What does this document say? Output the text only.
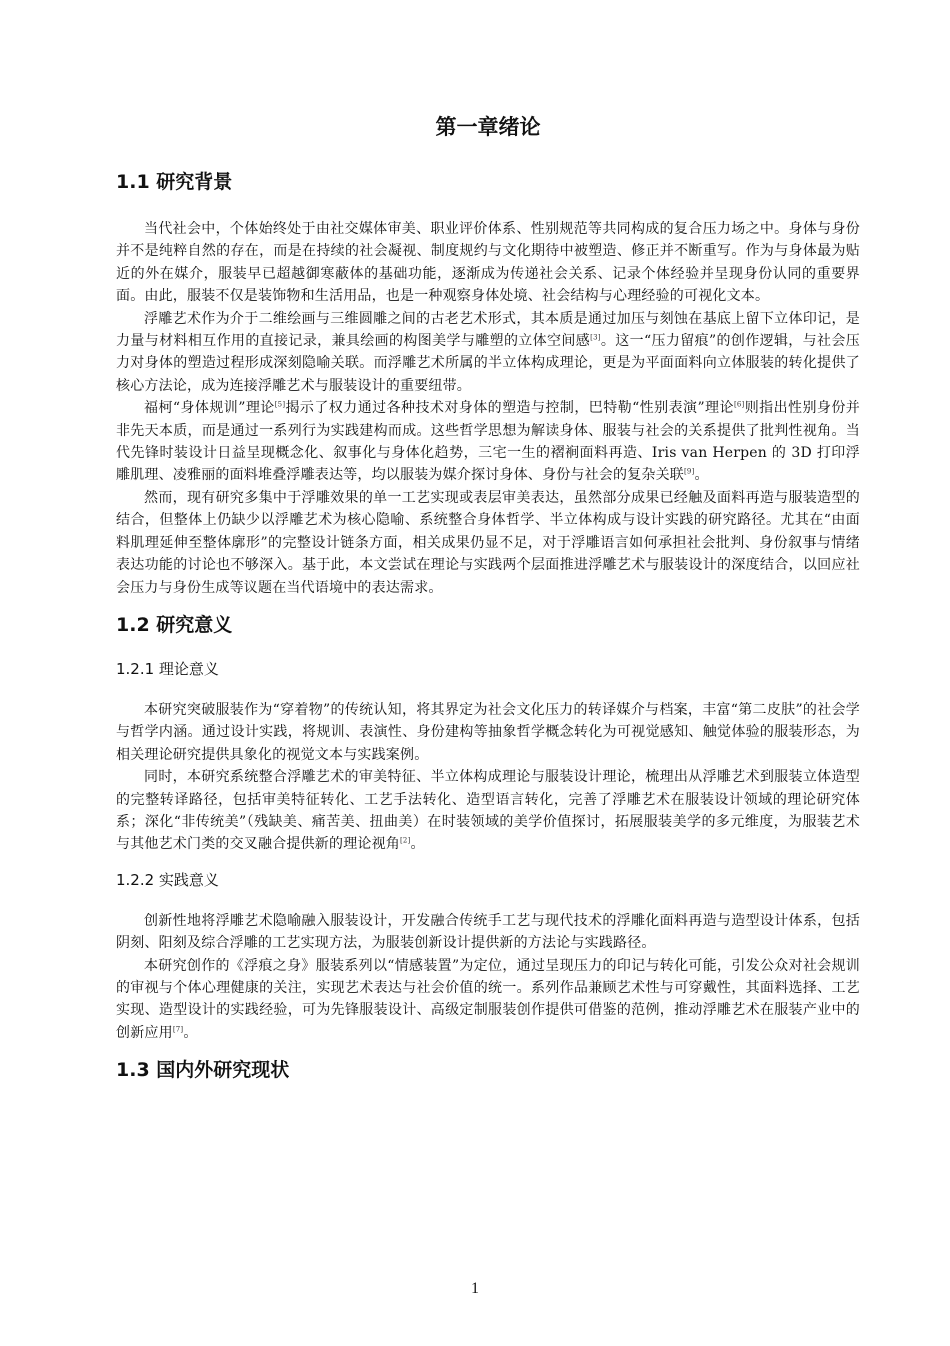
第一章绪论
1.1 研究背景

当代社会中，个体始终处于由社交媒体审美、职业评价体系、性别规范等共同构成的复合压力场之中。身体与身份并不是纯粹自然的存在，而是在持续的社会凝视、制度规约与文化期待中被塑造、修正并不断重写。作为与身体最为贴近的外在媒介，服装早已超越御寒蔽体的基础功能，逐渐成为传递社会关系、记录个体经验并呈现身份认同的重要界面。由此，服装不仅是装饰物和生活用品，也是一种观察身体处境、社会结构与心理经验的可视化文本。

浮雕艺术作为介于二维绘画与三维圆雕之间的古老艺术形式，其本质是通过加压与刻蚀在基底上留下立体印记，是力量与材料相互作用的直接记录，兼具绘画的构图美学与雕塑的立体空间感[3]。这一“压力留痕”的创作逻辑，与社会压力对身体的塑造过程形成深刻隐喻关联。而浮雕艺术所属的半立体构成理论，更是为平面面料向立体服装的转化提供了核心方法论，成为连接浮雕艺术与服装设计的重要纽带。

福柯“身体规训”理论[5]揭示了权力通过各种技术对身体的塑造与控制，巴特勒“性别表演”理论[6]则指出性别身份并非先天本质，而是通过一系列行为实践建构而成。这些哲学思想为解读身体、服装与社会的关系提供了批判性视角。当代先锋时装设计日益呈现概念化、叙事化与身体化趋势，三宅一生的褶裥面料再造、Iris van Herpen 的 3D 打印浮雕肌理、凌雅丽的面料堆叠浮雕表达等，均以服装为媒介探讨身体、身份与社会的复杂关联[9]。

然而，现有研究多集中于浮雕效果的单一工艺实现或表层审美表达，虽然部分成果已经触及面料再造与服装造型的结合，但整体上仍缺少以浮雕艺术为核心隐喻、系统整合身体哲学、半立体构成与设计实践的研究路径。尤其在“由面料肌理延伸至整体廓形”的完整设计链条方面，相关成果仍显不足，对于浮雕语言如何承担社会批判、身份叙事与情绪表达功能的讨论也不够深入。基于此，本文尝试在理论与实践两个层面推进浮雕艺术与服装设计的深度结合，以回应社会压力与身份生成等议题在当代语境中的表达需求。

1.2 研究意义
1.2.1 理论意义

本研究突破服装作为“穿着物”的传统认知，将其界定为社会文化压力的转译媒介与档案，丰富“第二皮肤”的社会学与哲学内涵。通过设计实践，将规训、表演性、身份建构等抽象哲学概念转化为可视觉感知、触觉体验的服装形态，为相关理论研究提供具象化的视觉文本与实践案例。

同时，本研究系统整合浮雕艺术的审美特征、半立体构成理论与服装设计理论，梳理出从浮雕艺术到服装立体造型的完整转译路径，包括审美特征转化、工艺手法转化、造型语言转化，完善了浮雕艺术在服装设计领域的理论研究体系；深化“非传统美”（残缺美、痛苦美、扭曲美）在时装领域的美学价值探讨，拓展服装美学的多元维度，为服装艺术与其他艺术门类的交叉融合提供新的理论视角[2]。

1.2.2 实践意义

创新性地将浮雕艺术隐喻融入服装设计，开发融合传统手工艺与现代技术的浮雕化面料再造与造型设计体系，包括阴刻、阳刻及综合浮雕的工艺实现方法，为服装创新设计提供新的方法论与实践路径。

本研究创作的《浮痕之身》服装系列以“情感装置”为定位，通过呈现压力的印记与转化可能，引发公众对社会规训的审视与个体心理健康的关注，实现艺术表达与社会价值的统一。系列作品兼顾艺术性与可穿戴性，其面料选择、工艺实现、造型设计的实践经验，可为先锋服装设计、高级定制服装创作提供可借鉴的范例，推动浮雕艺术在服装产业中的创新应用[7]。

1.3 国内外研究现状
1
